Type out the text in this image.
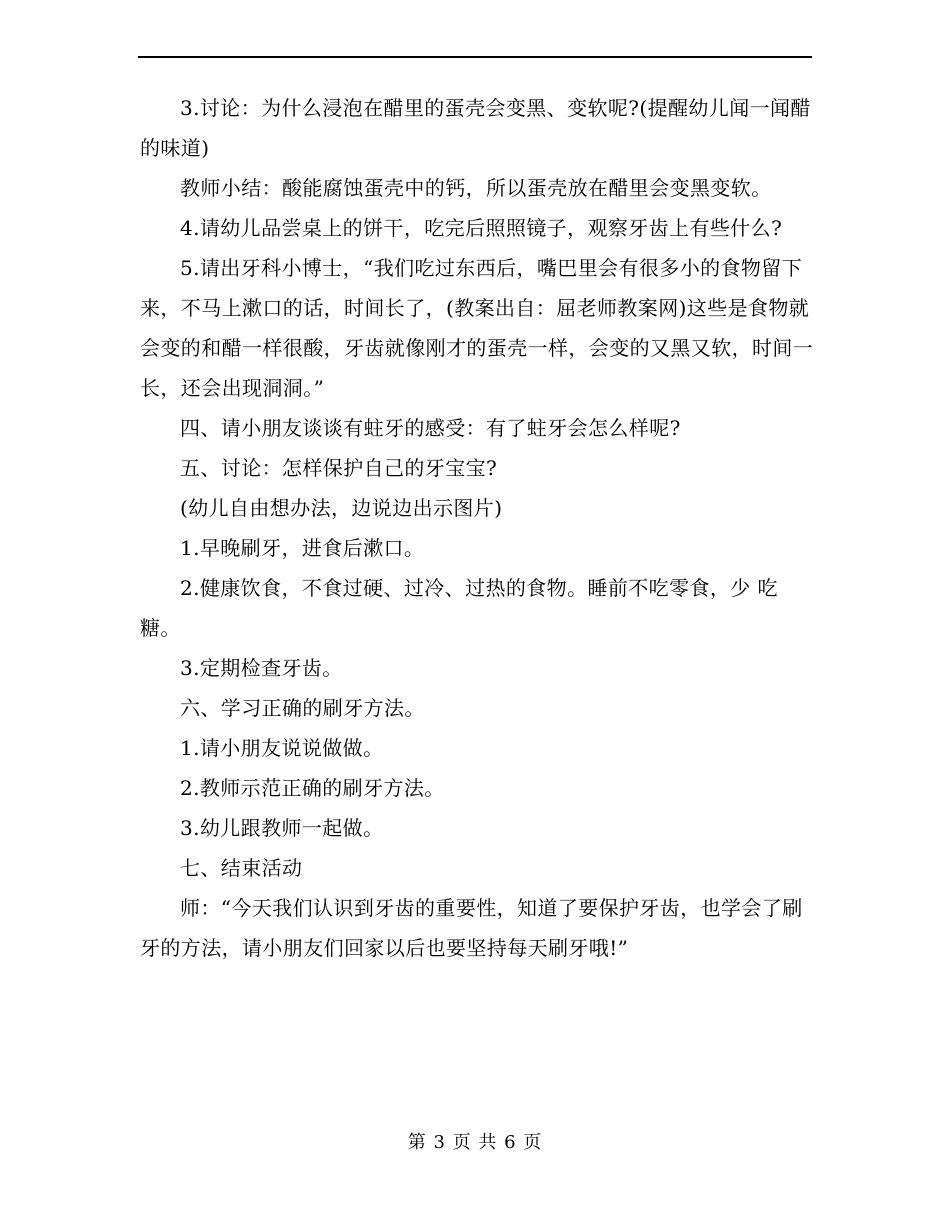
3.讨论：为什么浸泡在醋里的蛋壳会变黑、变软呢?(提醒幼儿闻一闻醋的味道)

教师小结：酸能腐蚀蛋壳中的钙，所以蛋壳放在醋里会变黑变软。

4.请幼儿品尝桌上的饼干，吃完后照照镜子，观察牙齿上有些什么?

5.请出牙科小博士，“我们吃过东西后，嘴巴里会有很多小的食物留下来，不马上漱口的话，时间长了，(教案出自：屈老师教案网)这些是食物就会变的和醋一样很酸，牙齿就像刚才的蛋壳一样，会变的又黑又软，时间一长，还会出现洞洞。”

四、请小朋友谈谈有蛀牙的感受：有了蛀牙会怎么样呢?

五、讨论：怎样保护自己的牙宝宝?

(幼儿自由想办法，边说边出示图片)

1.早晚刷牙，进食后漱口。

2.健康饮食，不食过硬、过冷、过热的食物。睡前不吃零食，少 吃糖。

3.定期检查牙齿。

六、学习正确的刷牙方法。

1.请小朋友说说做做。

2.教师示范正确的刷牙方法。

3.幼儿跟教师一起做。

七、结束活动

师：“今天我们认识到牙齿的重要性，知道了要保护牙齿，也学会了刷牙的方法，请小朋友们回家以后也要坚持每天刷牙哦!”

第 3 页 共 6 页
